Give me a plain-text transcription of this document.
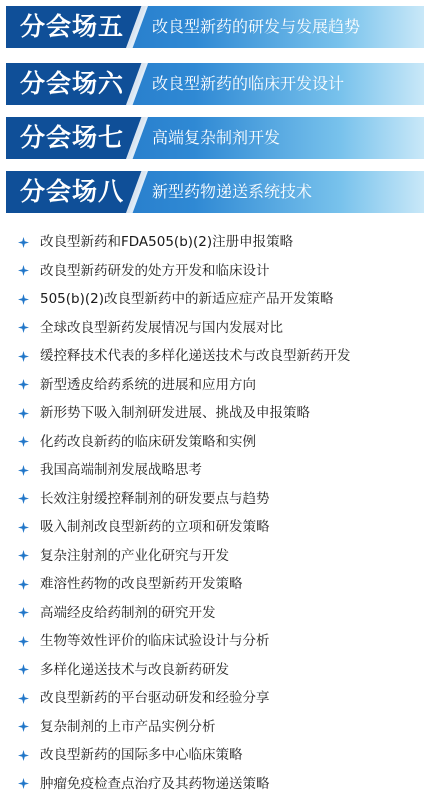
分会场五 改良型新药的研发与发展趋势
分会场六 改良型新药的临床开发设计
分会场七 高端复杂制剂开发
分会场八 新型药物递送系统技术
改良型新药和FDA505(b)(2)注册申报策略
改良型新药研发的处方开发和临床设计
505(b)(2)改良型新药中的新适应症产品开发策略
全球改良型新药发展情况与国内发展对比
缓控释技术代表的多样化递送技术与改良型新药开发
新型透皮给药系统的进展和应用方向
新形势下吸入制剂研发进展、挑战及申报策略
化药改良新药的临床研发策略和实例
我国高端制剂发展战略思考
长效注射缓控释制剂的研发要点与趋势
吸入制剂改良型新药的立项和研发策略
复杂注射剂的产业化研究与开发
难溶性药物的改良型新药开发策略
高端经皮给药制剂的研究开发
生物等效性评价的临床试验设计与分析
多样化递送技术与改良新药研发
改良型新药的平台驱动研发和经验分享
复杂制剂的上市产品实例分析
改良型新药的国际多中心临床策略
肿瘤免疫检查点治疗及其药物递送策略
